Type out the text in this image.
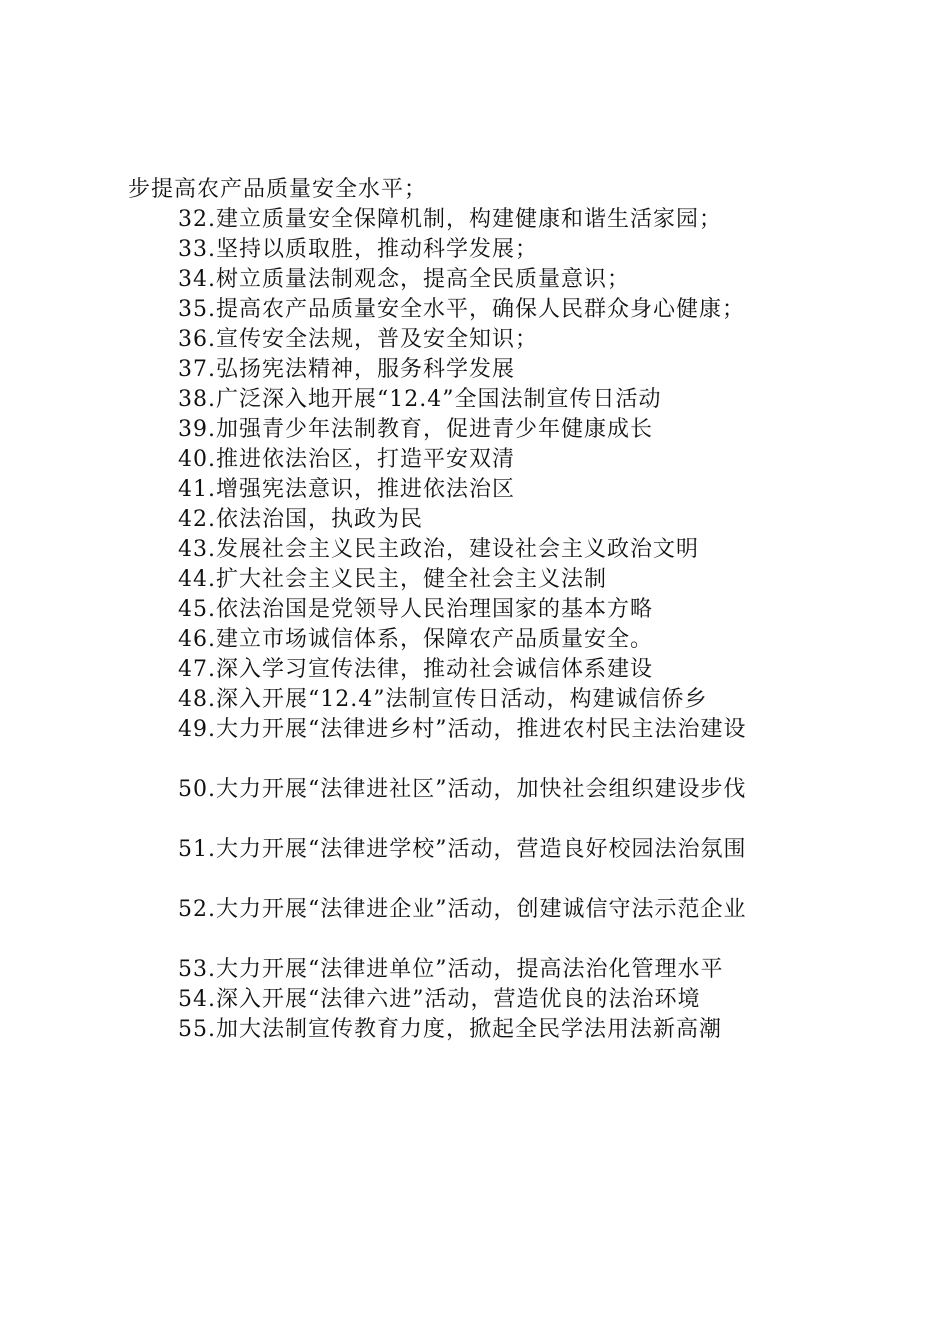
步提高农产品质量安全水平；
32.建立质量安全保障机制，构建健康和谐生活家园；
33.坚持以质取胜，推动科学发展；
34.树立质量法制观念，提高全民质量意识；
35.提高农产品质量安全水平，确保人民群众身心健康；
36.宣传安全法规，普及安全知识；
37.弘扬宪法精神，服务科学发展
38.广泛深入地开展“12.4”全国法制宣传日活动
39.加强青少年法制教育，促进青少年健康成长
40.推进依法治区，打造平安双清
41.增强宪法意识，推进依法治区
42.依法治国，执政为民
43.发展社会主义民主政治，建设社会主义政治文明
44.扩大社会主义民主，健全社会主义法制
45.依法治国是党领导人民治理国家的基本方略
46.建立市场诚信体系，保障农产品质量安全。
47.深入学习宣传法律，推动社会诚信体系建设
48.深入开展“12.4”法制宣传日活动，构建诚信侨乡
49.大力开展“法律进乡村”活动，推进农村民主法治建设
50.大力开展“法律进社区”活动，加快社会组织建设步伐
51.大力开展“法律进学校”活动，营造良好校园法治氛围
52.大力开展“法律进企业”活动，创建诚信守法示范企业
53.大力开展“法律进单位”活动，提高法治化管理水平
54.深入开展“法律六进”活动，营造优良的法治环境
55.加大法制宣传教育力度，掀起全民学法用法新高潮
